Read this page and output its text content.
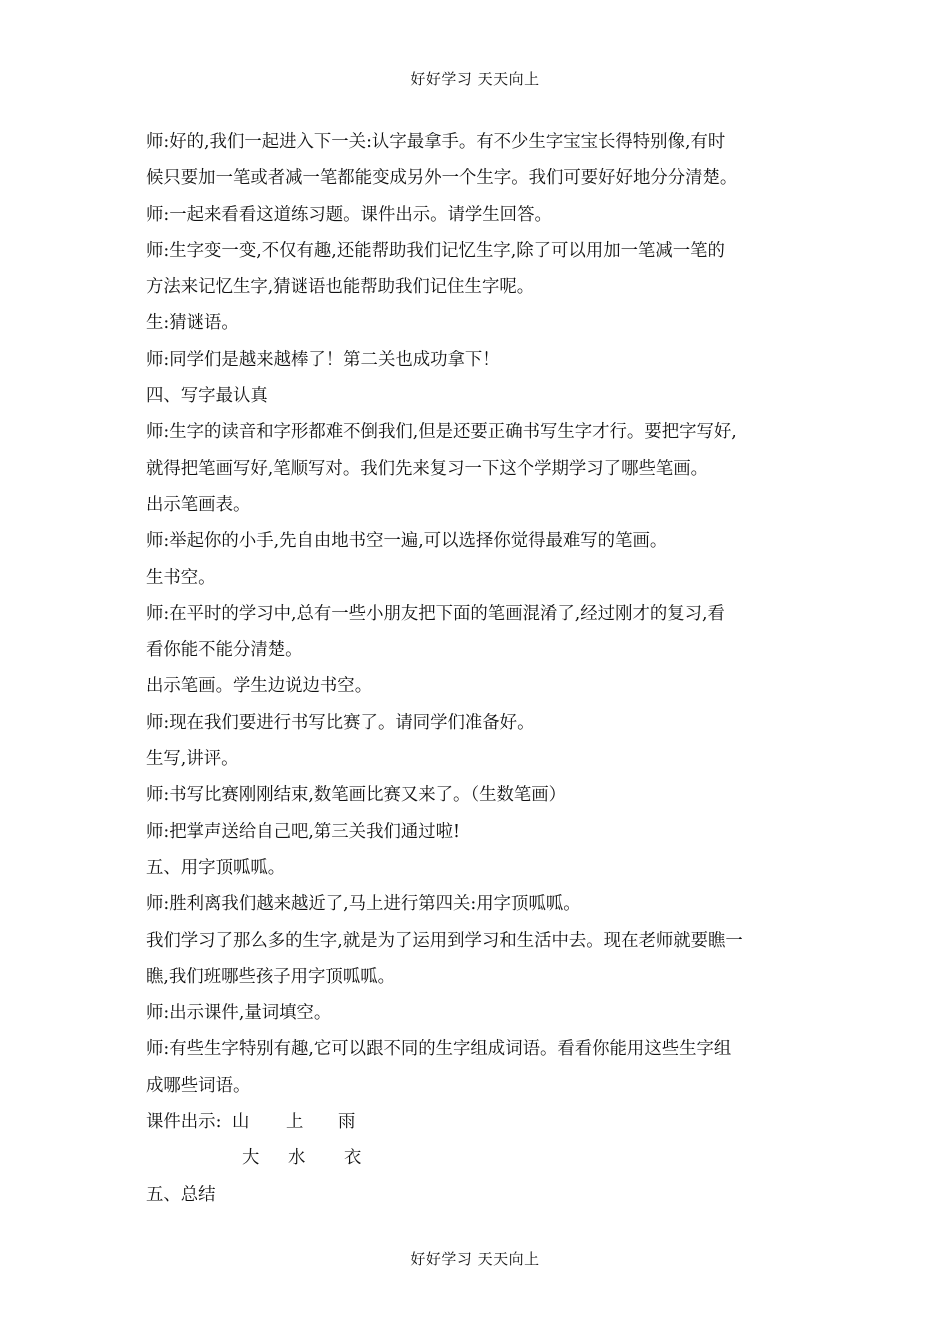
好好学习 天天向上
师:好的,我们一起进入下一关:认字最拿手。有不少生字宝宝长得特别像,有时
候只要加一笔或者减一笔都能变成另外一个生字。我们可要好好地分分清楚。
师:一起来看看这道练习题。课件出示。请学生回答。
师:生字变一变,不仅有趣,还能帮助我们记忆生字,除了可以用加一笔减一笔的
方法来记忆生字,猜谜语也能帮助我们记住生字呢。
生:猜谜语。
师:同学们是越来越棒了！第二关也成功拿下！
四、写字最认真
师:生字的读音和字形都难不倒我们,但是还要正确书写生字才行。要把字写好,
就得把笔画写好,笔顺写对。我们先来复习一下这个学期学习了哪些笔画。
出示笔画表。
师:举起你的小手,先自由地书空一遍,可以选择你觉得最难写的笔画。
生书空。
师:在平时的学习中,总有一些小朋友把下面的笔画混淆了,经过刚才的复习,看
看你能不能分清楚。
出示笔画。学生边说边书空。
师:现在我们要进行书写比赛了。请同学们准备好。
生写,讲评。
师:书写比赛刚刚结束,数笔画比赛又来了。（生数笔画）
师:把掌声送给自己吧,第三关我们通过啦!
五、用字顶呱呱。
师:胜利离我们越来越近了,马上进行第四关:用字顶呱呱。
我们学习了那么多的生字,就是为了运用到学习和生活中去。现在老师就要瞧一
瞧,我们班哪些孩子用字顶呱呱。
师:出示课件,量词填空。
师:有些生字特别有趣,它可以跟不同的生字组成词语。看看你能用这些生字组
成哪些词语。
课件出示: 山 上 雨
大 水 衣
五、总结
好好学习 天天向上
